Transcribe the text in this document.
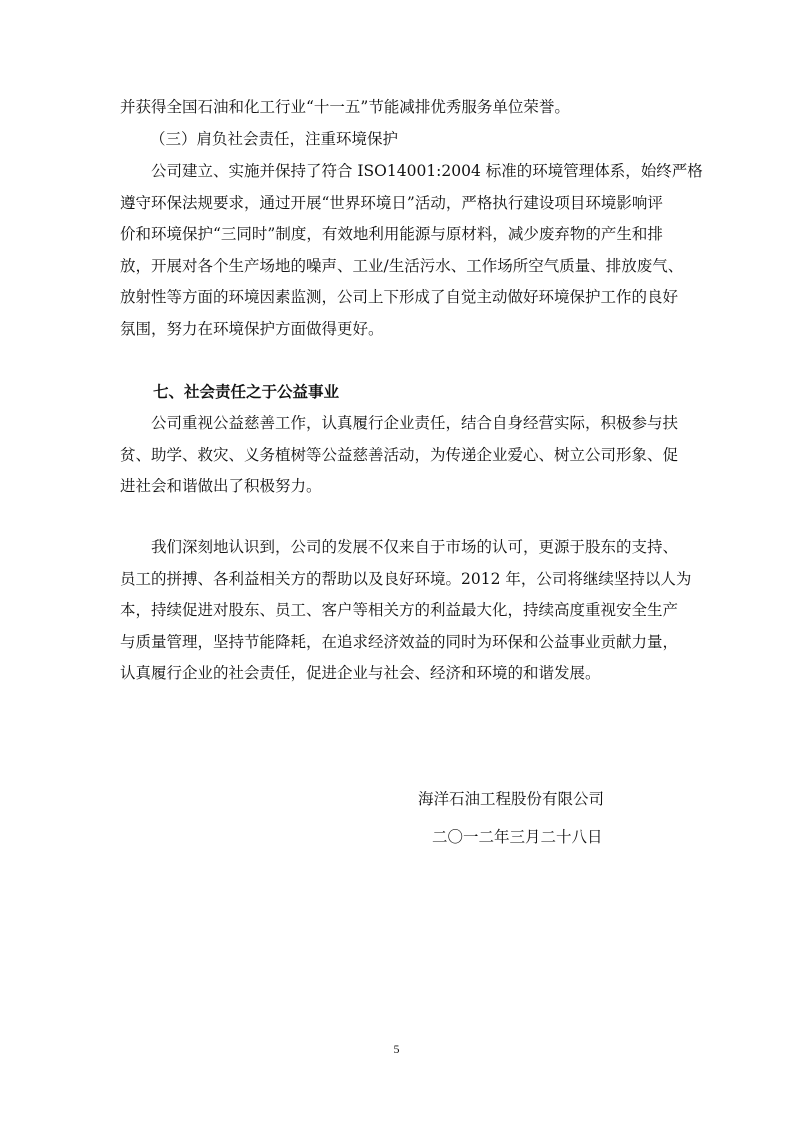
并获得全国石油和化工行业“十一五”节能减排优秀服务单位荣誉。

（三）肩负社会责任，注重环境保护

公司建立、实施并保持了符合 ISO14001:2004 标准的环境管理体系，始终严格
遵守环保法规要求，通过开展“世界环境日”活动，严格执行建设项目环境影响评
价和环境保护“三同时”制度，有效地利用能源与原材料，减少废弃物的产生和排
放，开展对各个生产场地的噪声、工业/生活污水、工作场所空气质量、排放废气、
放射性等方面的环境因素监测，公司上下形成了自觉主动做好环境保护工作的良好
氛围，努力在环境保护方面做得更好。

七、社会责任之于公益事业

公司重视公益慈善工作，认真履行企业责任，结合自身经营实际，积极参与扶
贫、助学、救灾、义务植树等公益慈善活动，为传递企业爱心、树立公司形象、促
进社会和谐做出了积极努力。

我们深刻地认识到，公司的发展不仅来自于市场的认可，更源于股东的支持、
员工的拼搏、各利益相关方的帮助以及良好环境。2012 年，公司将继续坚持以人为
本，持续促进对股东、员工、客户等相关方的利益最大化，持续高度重视安全生产
与质量管理，坚持节能降耗，在追求经济效益的同时为环保和公益事业贡献力量，
认真履行企业的社会责任，促进企业与社会、经济和环境的和谐发展。

海洋石油工程股份有限公司

二〇一二年三月二十八日

5
